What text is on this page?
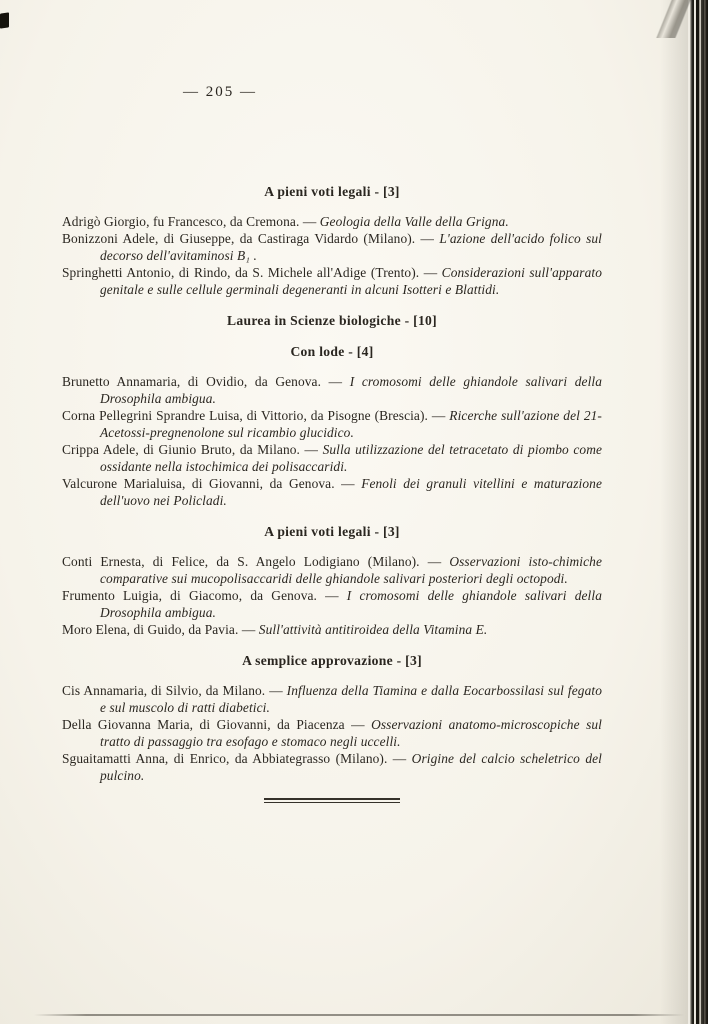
— 205 —
A pieni voti legali - [3]

Adrigò Giorgio, fu Francesco, da Cremona. — Geologia della Valle della Grigna.

Bonizzoni Adele, di Giuseppe, da Castiraga Vidardo (Milano). — L'azione dell'acido folico sul decorso dell'avitaminosi B₁ .

Springhetti Antonio, di Rindo, da S. Michele all'Adige (Trento). — Considerazioni sull'apparato genitale e sulle cellule germinali degeneranti in alcuni Isotteri e Blattidi.

Laurea in Scienze biologiche - [10]
Con lode - [4]

Brunetto Annamaria, di Ovidio, da Genova. — I cromosomi delle ghiandole salivari della Drosophila ambigua.

Corna Pellegrini Sprandre Luisa, di Vittorio, da Pisogne (Brescia). — Ricerche sull'azione del 21-Acetossi-pregnenolone sul ricambio glucidico.

Crippa Adele, di Giunio Bruto, da Milano. — Sulla utilizzazione del tetracetato di piombo come ossidante nella istochimica dei polisaccaridi.

Valcurone Marialuisa, di Giovanni, da Genova. — Fenoli dei granuli vitellini e maturazione dell'uovo nei Policladi.

A pieni voti legali - [3]

Conti Ernesta, di Felice, da S. Angelo Lodigiano (Milano). — Osservazioni isto-chimiche comparative sui mucopolisaccaridi delle ghiandole salivari posteriori degli octopodi.

Frumento Luigia, di Giacomo, da Genova. — I cromosomi delle ghiandole salivari della Drosophila ambigua.

Moro Elena, di Guido, da Pavia. — Sull'attività antitiroidea della Vitamina E.

A semplice approvazione - [3]

Cis Annamaria, di Silvio, da Milano. — Influenza della Tiamina e dalla Eocarbossilasi sul fegato e sul muscolo di ratti diabetici.

Della Giovanna Maria, di Giovanni, da Piacenza — Osservazioni anatomo-microscopiche sul tratto di passaggio tra esofago e stomaco negli uccelli.

Sguaitamatti Anna, di Enrico, da Abbiategrasso (Milano). — Origine del calcio scheletrico del pulcino.
